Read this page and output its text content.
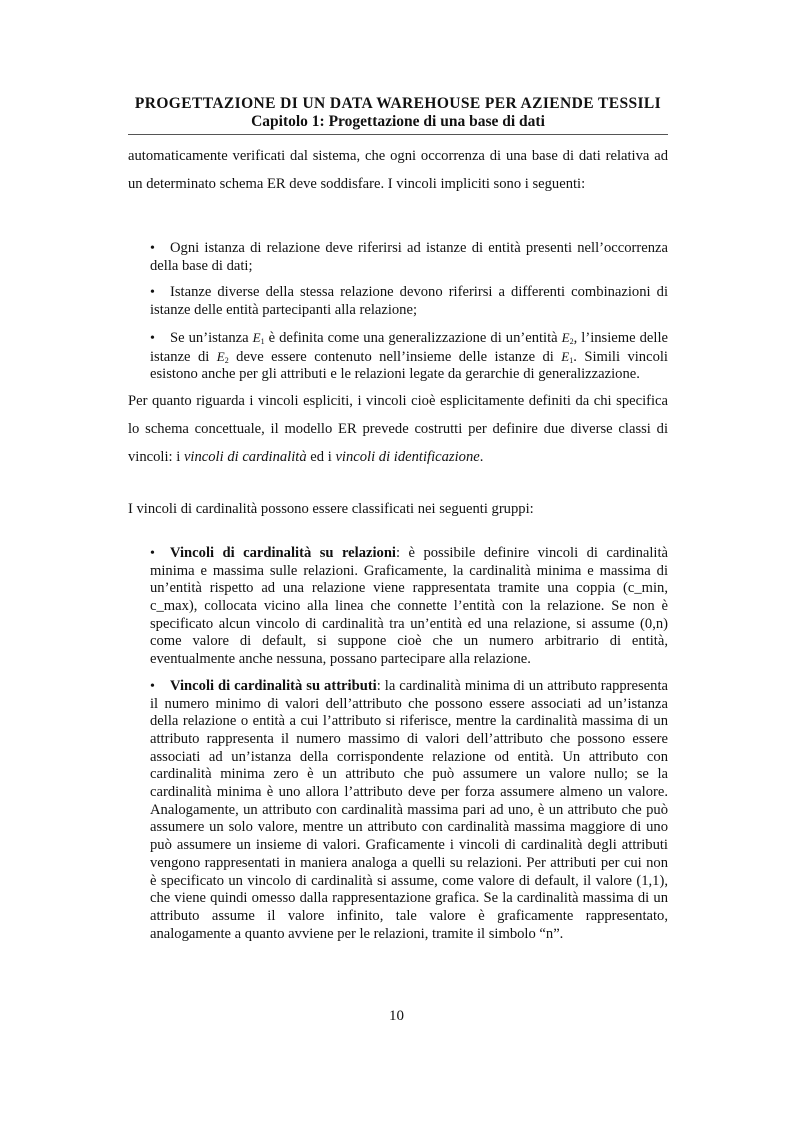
PROGETTAZIONE DI UN DATA WAREHOUSE PER AZIENDE TESSILI
Capitolo 1: Progettazione di una base di dati

automaticamente verificati dal sistema, che ogni occorrenza di una base di dati relativa ad un determinato schema ER deve soddisfare. I vincoli impliciti sono i seguenti:

•Ogni istanza di relazione deve riferirsi ad istanze di entità presenti nell’occorrenza della base di dati;
•Istanze diverse della stessa relazione devono riferirsi a differenti combinazioni di istanze delle entità partecipanti alla relazione;
•Se un’istanza $E_1$ è definita come una generalizzazione di un’entità $E_2$, l’insieme delle istanze di $E_2$ deve essere contenuto nell’insieme delle istanze di $E_1$. Simili vincoli esistono anche per gli attributi e le relazioni legate da gerarchie di generalizzazione.

Per quanto riguarda i vincoli espliciti, i vincoli cioè esplicitamente definiti da chi specifica lo schema concettuale, il modello ER prevede costrutti per definire due diverse classi di vincoli: i vincoli di cardinalità ed i vincoli di identificazione.

I vincoli di cardinalità possono essere classificati nei seguenti gruppi:

•Vincoli di cardinalità su relazioni: è possibile definire vincoli di cardinalità minima e massima sulle relazioni. Graficamente, la cardinalità minima e massima di un’entità rispetto ad una relazione viene rappresentata tramite una coppia (c_min, c_max), collocata vicino alla linea che connette l’entità con la relazione. Se non è specificato alcun vincolo di cardinalità tra un’entità ed una relazione, si assume (0,n) come valore di default, si suppone cioè che un numero arbitrario di entità, eventualmente anche nessuna, possano partecipare alla relazione.
•Vincoli di cardinalità su attributi: la cardinalità minima di un attributo rappresenta il numero minimo di valori dell’attributo che possono essere associati ad un’istanza della relazione o entità a cui l’attributo si riferisce, mentre la cardinalità massima di un attributo rappresenta il numero massimo di valori dell’attributo che possono essere associati ad un’istanza della corrispondente relazione od entità. Un attributo con cardinalità minima zero è un attributo che può assumere un valore nullo; se la cardinalità minima è uno allora l’attributo deve per forza assumere almeno un valore. Analogamente, un attributo con cardinalità massima pari ad uno, è un attributo che può assumere un solo valore, mentre un attributo con cardinalità massima maggiore di uno può assumere un insieme di valori. Graficamente i vincoli di cardinalità degli attributi vengono rappresentati in maniera analoga a quelli su relazioni. Per attributi per cui non è specificato un vincolo di cardinalità si assume, come valore di default, il valore (1,1), che viene quindi omesso dalla rappresentazione grafica. Se la cardinalità massima di un attributo assume il valore infinito, tale valore è graficamente rappresentato, analogamente a quanto avviene per le relazioni, tramite il simbolo “n”.
10
